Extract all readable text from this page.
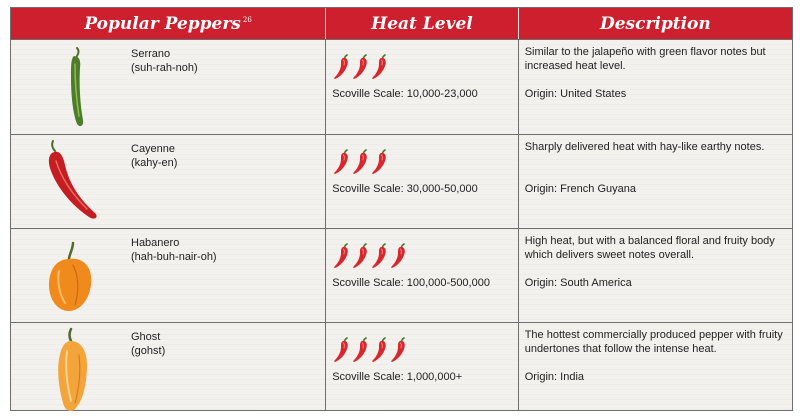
Popular Peppers $^{26}$	Heat Level	Description
Serrano
(suh-rah-noh)
Scoville Scale: 10,000-23,000
Similar to the jalapeño with green flavor notes but increased heat level.
Origin: United States
Cayenne
(kahy-en)
Scoville Scale: 30,000-50,000
Sharply delivered heat with hay-like earthy notes.
Origin: French Guyana
Habanero
(hah-buh-nair-oh)
Scoville Scale: 100,000-500,000
High heat, but with a balanced floral and fruity body which delivers sweet notes overall.
Origin: South America
Ghost
(gohst)
Scoville Scale: 1,000,000+
The hottest commercially produced pepper with fruity undertones that follow the intense heat.
Origin: India
